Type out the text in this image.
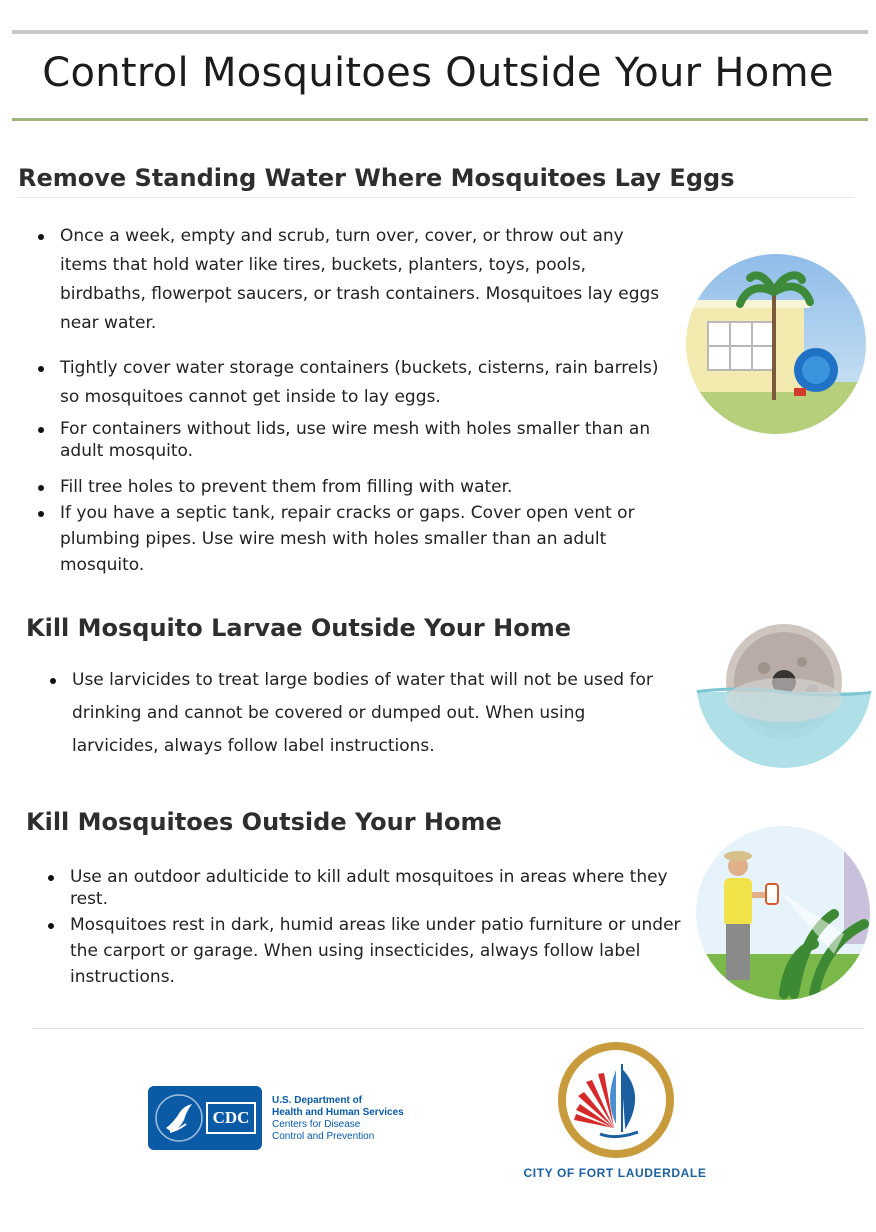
Control Mosquitoes Outside Your Home
Remove Standing Water Where Mosquitoes Lay Eggs
Once a week, empty and scrub, turn over, cover, or throw out any items that hold water like tires, buckets, planters, toys, pools, birdbaths, flowerpot saucers, or trash containers. Mosquitoes lay eggs near water.
Tightly cover water storage containers (buckets, cisterns, rain barrels) so mosquitoes cannot get inside to lay eggs.
For containers without lids, use wire mesh with holes smaller than an adult mosquito.
Fill tree holes to prevent them from filling with water.
If you have a septic tank, repair cracks or gaps. Cover open vent or plumbing pipes. Use wire mesh with holes smaller than an adult mosquito.
Kill Mosquito Larvae Outside Your Home
Use larvicides to treat large bodies of water that will not be used for drinking and cannot be covered or dumped out. When using larvicides, always follow label instructions.
Kill Mosquitoes Outside Your Home
Use an outdoor adulticide to kill adult mosquitoes in areas where they rest.
Mosquitoes rest in dark, humid areas like under patio furniture or under the carport or garage. When using insecticides, always follow label instructions.
CDC
U.S. Department of
Health and Human Services
Centers for Disease
Control and Prevention
CITY OF FORT LAUDERDALE
